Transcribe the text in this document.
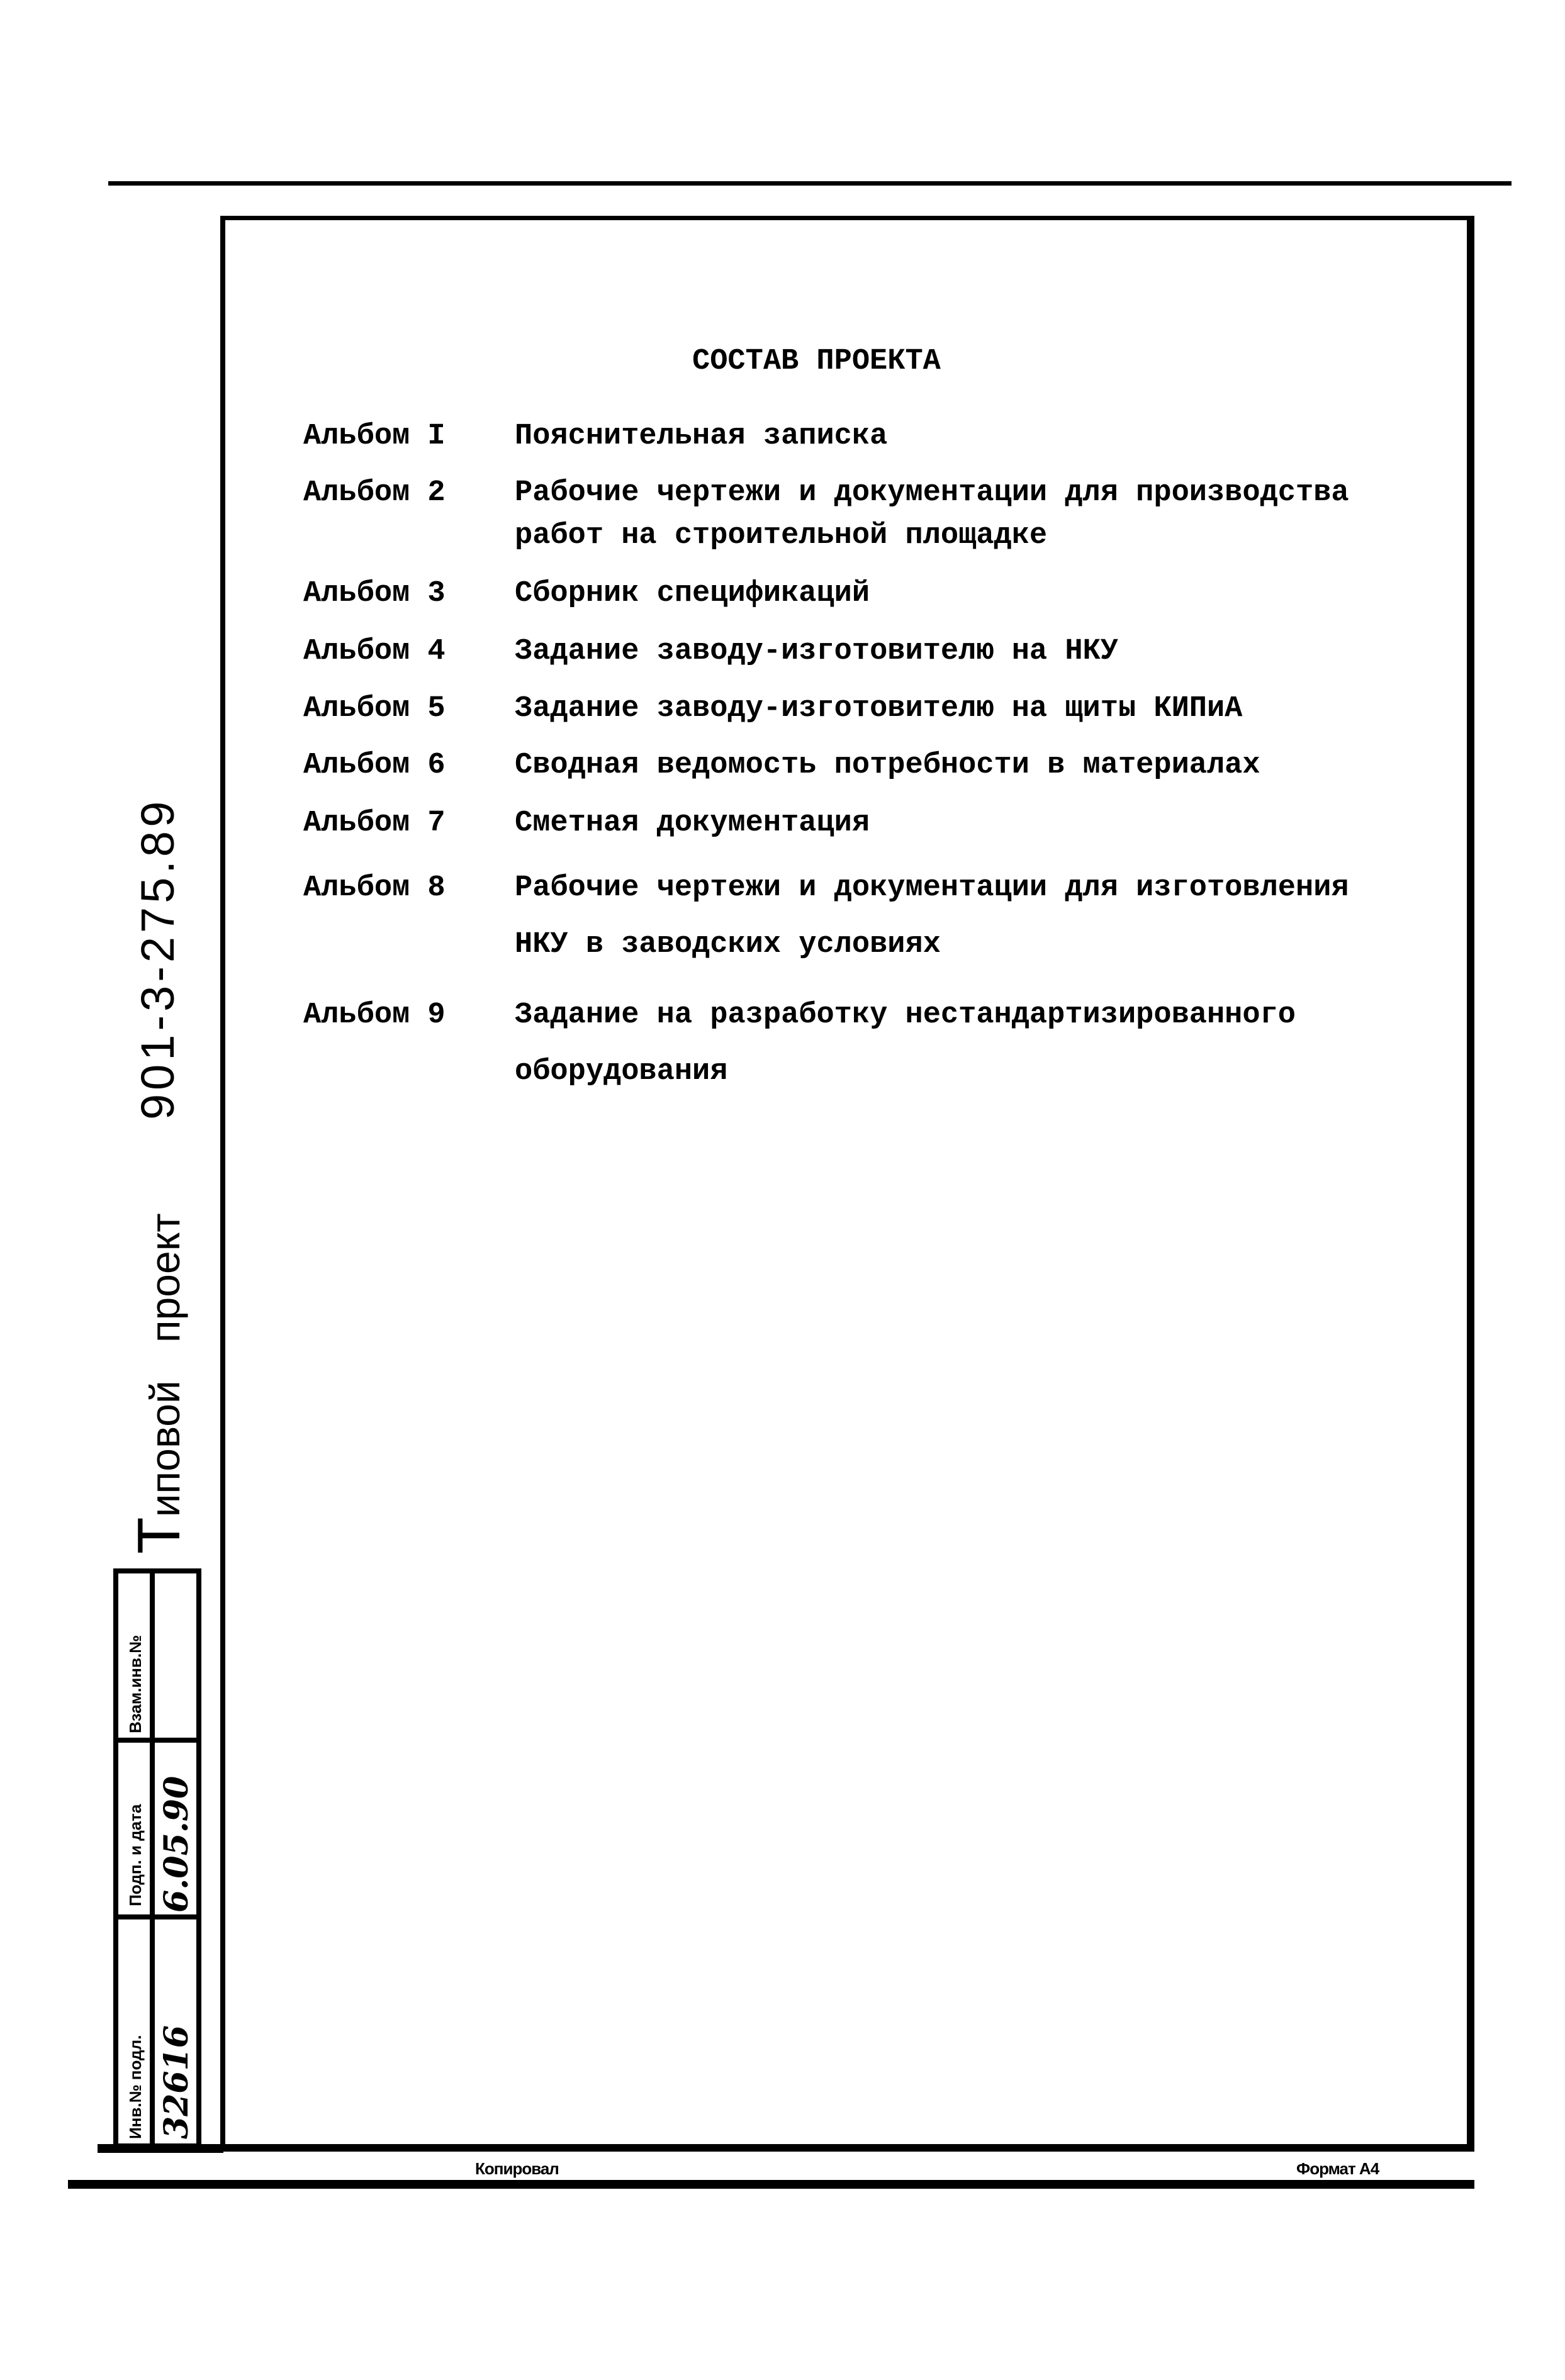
Копировал	Формат А4
СОСТАВ ПРОЕКТА
Альбом I	Пояснительная записка
Альбом 2	Рабочие чертежи и документации для производства
работ на строительной площадке
Альбом 3	Сборник спецификаций
Альбом 4	Задание заводу-изготовителю на НКУ
Альбом 5	Задание заводу-изготовителю на щиты КИПиА
Альбом 6	Сводная ведомость потребности в материалах
Альбом 7	Сметная документация
Альбом 8	Рабочие чертежи и документации для изготовления
НКУ в заводских условиях
Альбом 9	Задание на разработку нестандартизированного
оборудования
901-3-275.89
Типовойпроект
Взам.инв.№
Подп. и дата
Инв.№ подл.
6.05.90
32616
